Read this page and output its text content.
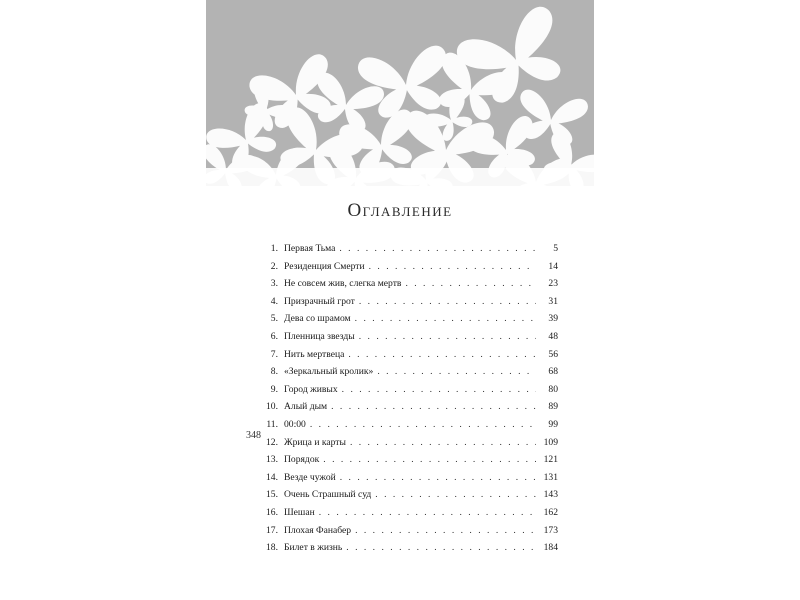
Оглавление
348
1. Первая Тьма . . .	5
2. Резиденция Смерти . . .	14
3. Не совсем жив, слегка мертв . . .	23
4. Призрачный грот . . .	31
5. Дева со шрамом . . .	39
6. Пленница звезды . . .	48
7. Нить мертвеца . . .	56
8. «Зеркальный кролик» . . .	68
9. Город живых . . .	80
10. Алый дым . . .	89
11. 00:00 . . .	99
12. Жрица и карты . . .	109
13. Порядок . . .	121
14. Везде чужой . . .	131
15. Очень Страшный суд . . .	143
16. Шешан . . .	162
17. Плохая Фанабер . . .	173
18. Билет в жизнь . . .	184
